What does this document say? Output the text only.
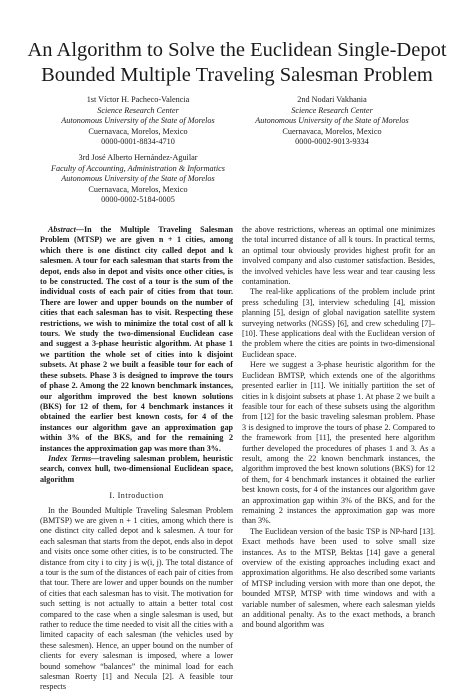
An Algorithm to Solve the Euclidean Single-Depot Bounded Multiple Traveling Salesman Problem
1st Víctor H. Pacheco-Valencia
Science Research Center
Autonomous University of the State of Morelos
Cuernavaca, Morelos, Mexico
0000-0001-8834-4710
2nd Nodari Vakhania
Science Research Center
Autonomous University of the State of Morelos
Cuernavaca, Morelos, Mexico
0000-0002-9013-9334
3rd José Alberto Hernández-Aguilar
Faculty of Accounting, Administration & Informatics
Autonomous University of the State of Morelos
Cuernavaca, Morelos, Mexico
0000-0002-5184-0005

Abstract—In the Multiple Traveling Salesman Problem (MTSP) we are given n + 1 cities, among which there is one distinct city called depot and k salesmen. A tour for each salesman that starts from the depot, ends also in depot and visits once other cities, is to be constructed. The cost of a tour is the sum of the individual costs of each pair of cities from that tour. There are lower and upper bounds on the number of cities that each salesman has to visit. Respecting these restrictions, we wish to minimize the total cost of all k tours. We study the two-dimensional Euclidean case and suggest a 3-phase heuristic algorithm. At phase 1 we partition the whole set of cities into k disjoint subsets. At phase 2 we built a feasible tour for each of these subsets. Phase 3 is designed to improve the tours of phase 2. Among the 22 known benchmark instances, our algorithm improved the best known solutions (BKS) for 12 of them, for 4 benchmark instances it obtained the earlier best known costs, for 4 of the instances our algorithm gave an approximation gap within 3% of the BKS, and for the remaining 2 instances the approximation gap was more than 3%.

Index Terms—traveling salesman problem, heuristic search, convex hull, two-dimensional Euclidean space, algorithm

I. Introduction

In the Bounded Multiple Traveling Salesman Problem (BMTSP) we are given n + 1 cities, among which there is one distinct city called depot and k salesmen. A tour for each salesman that starts from the depot, ends also in depot and visits once some other cities, is to be constructed. The distance from city i to city j is w(i, j). The total distance of a tour is the sum of the distances of each pair of cities from that tour. There are lower and upper bounds on the number of cities that each salesman has to visit. The motivation for such setting is not actually to attain a better total cost compared to the case when a single salesman is used, but rather to reduce the time needed to visit all the cities with a limited capacity of each salesman (the vehicles used by these salesmen). Hence, an upper bound on the number of clients for every salesman is imposed, where a lower bound somehow “balances” the minimal load for each salesman Roerty [1] and Necula [2]. A feasible tour respects

the above restrictions, whereas an optimal one minimizes the total incurred distance of all k tours. In practical terms, an optimal tour obviously provides highest profit for an involved company and also customer satisfaction. Besides, the involved vehicles have less wear and tear causing less contamination.

The real-like applications of the problem include print press scheduling [3], interview scheduling [4], mission planning [5], design of global navigation satellite system surveying networks (NGSS) [6], and crew scheduling [7]–[10]. These applications deal with the Euclidean version of the problem where the cities are points in two-dimensional Euclidean space.

Here we suggest a 3-phase heuristic algorithm for the Euclidean BMTSP, which extends one of the algorithms presented earlier in [11]. We initially partition the set of cities in k disjoint subsets at phase 1. At phase 2 we built a feasible tour for each of these subsets using the algorithm from [12] for the basic traveling salesman problem. Phase 3 is designed to improve the tours of phase 2. Compared to the framework from [11], the presented here algorithm further developed the procedures of phases 1 and 3. As a result, among the 22 known benchmark instances, the algorithm improved the best known solutions (BKS) for 12 of them, for 4 benchmark instances it obtained the earlier best known costs, for 4 of the instances our algorithm gave an approximation gap within 3% of the BKS, and for the remaining 2 instances the approximation gap was more than 3%.

The Euclidean version of the basic TSP is NP-hard [13]. Exact methods have been used to solve small size instances. As to the MTSP, Bektas [14] gave a general overview of the existing approaches including exact and approximation algorithms. He also described some variants of MTSP including version with more than one depot, the bounded MTSP, MTSP with time windows and with a variable number of salesmen, where each salesman yields an additional penalty. As to the exact methods, a branch and bound algorithm was
